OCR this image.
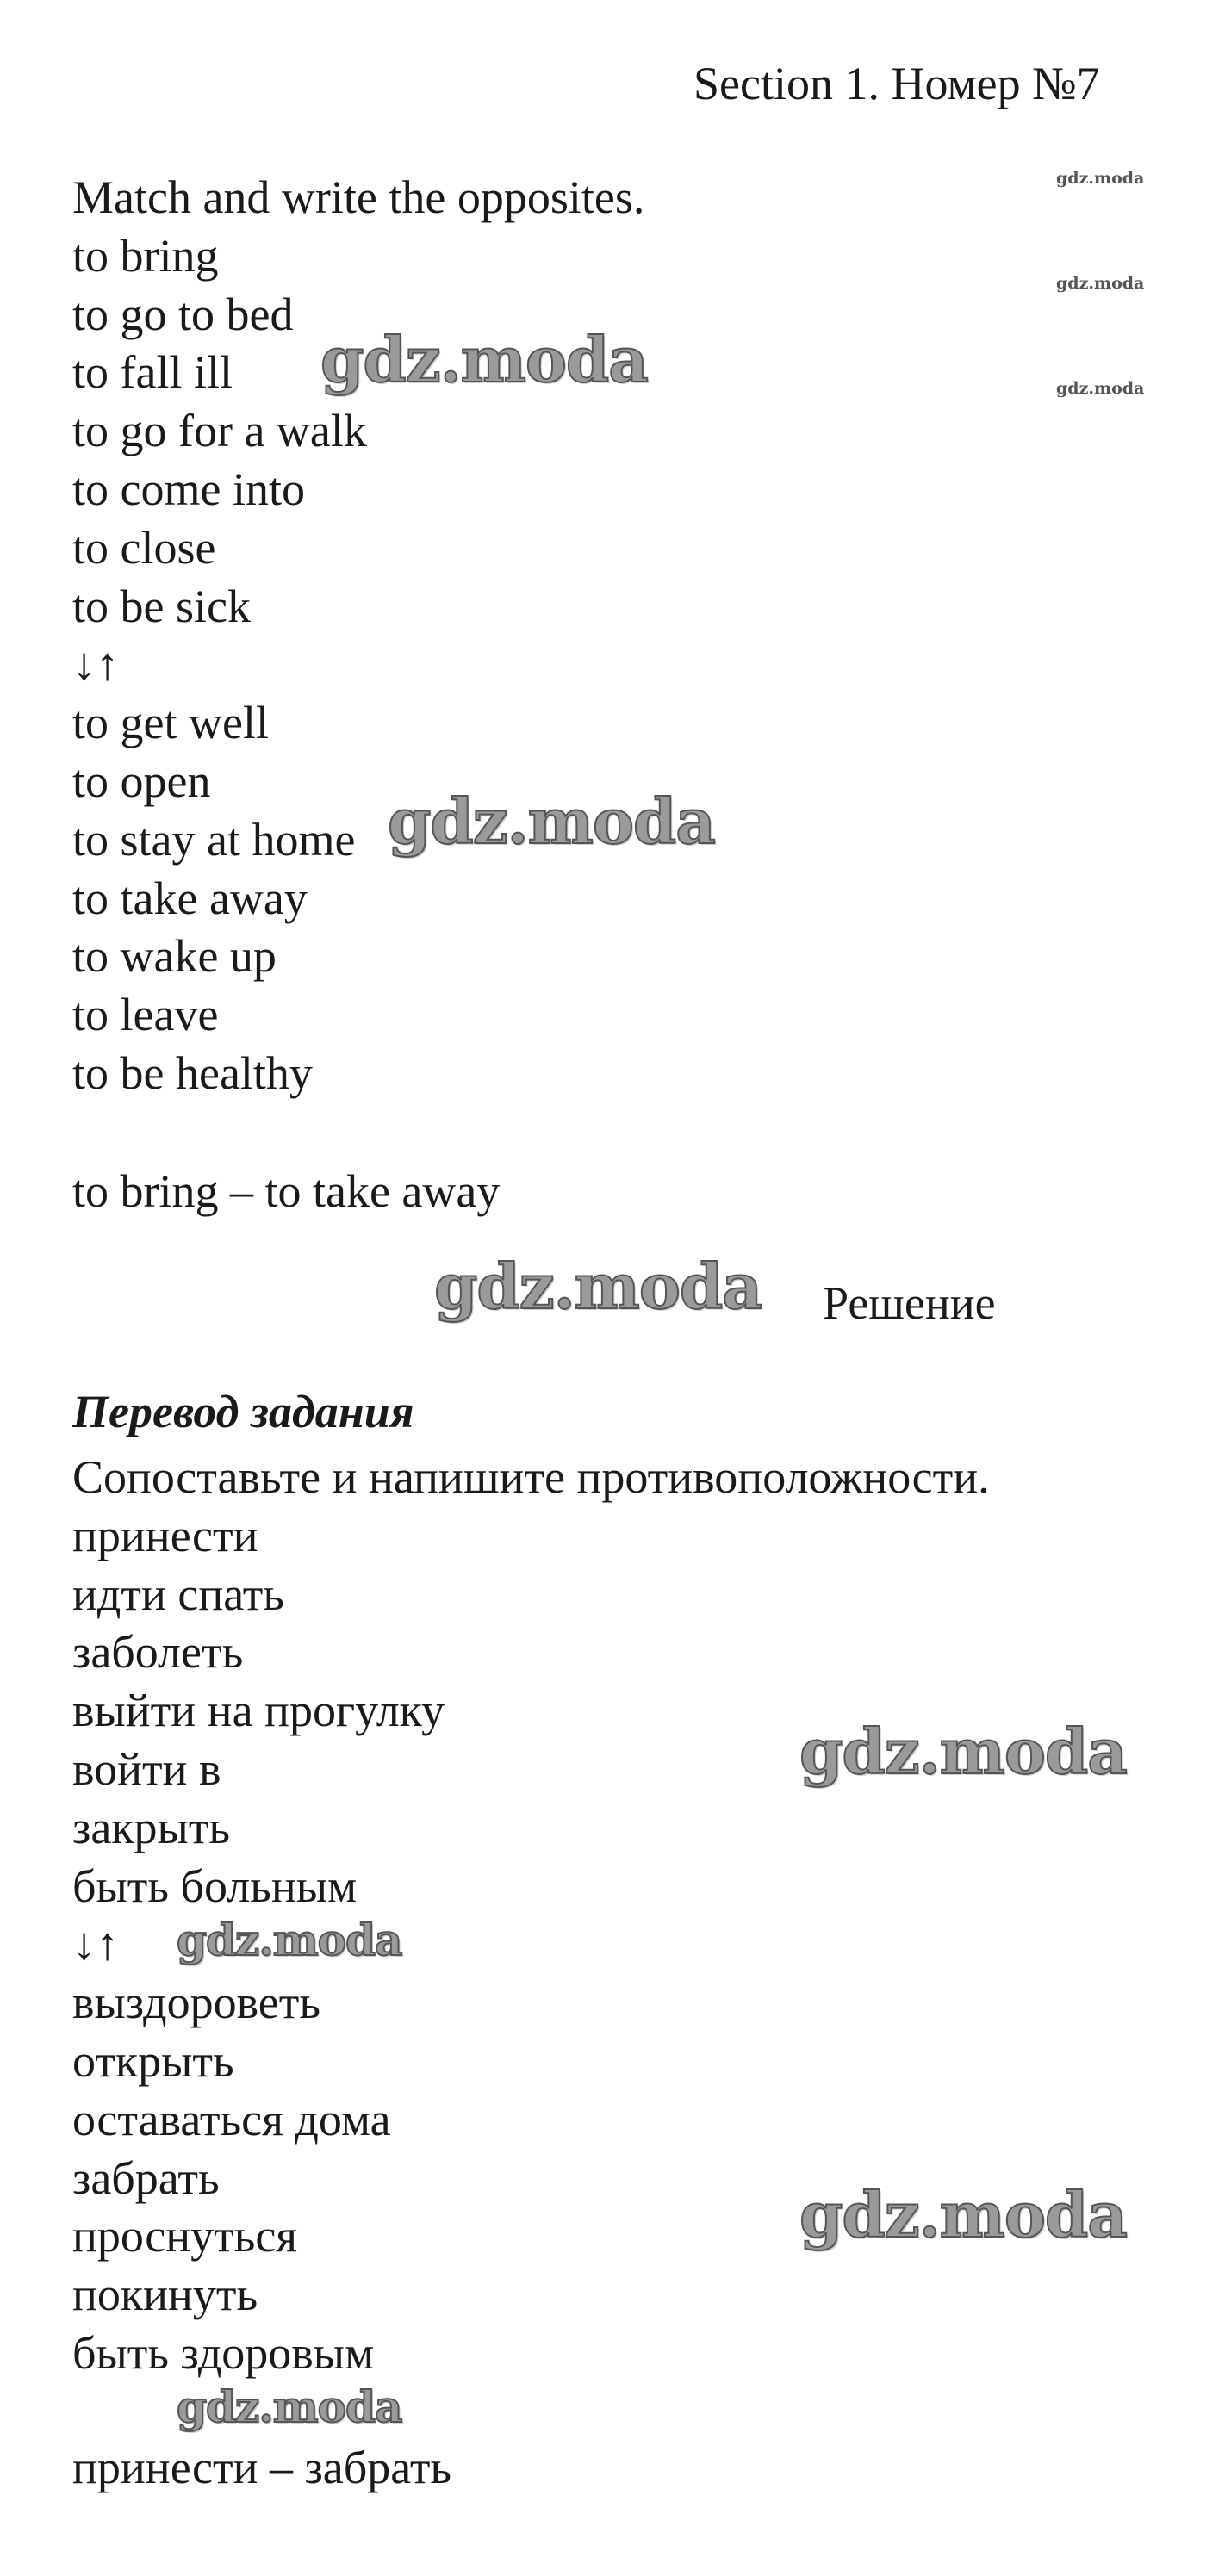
Section 1. Номер №7
Match and write the opposites.
to bring
to go to bed
to fall ill
to go for a walk
to come into
to close
to be sick
↓↑
to get well
to open
to stay at home
to take away
to wake up
to leave
to be healthy
to bring – to take away
Решение
Перевод задания
Сопоставьте и напишите противоположности.
принести
идти спать
заболеть
выйти на прогулку
войти в
закрыть
быть больным
↓↑
выздороветь
открыть
оставаться дома
забрать
проснуться
покинуть
быть здоровым
принести – забрать
gdz.moda
gdz.moda
gdz.moda
gdz.moda
gdz.moda
gdz.moda
gdz.moda
gdz.moda
gdz.moda
gdz.moda
